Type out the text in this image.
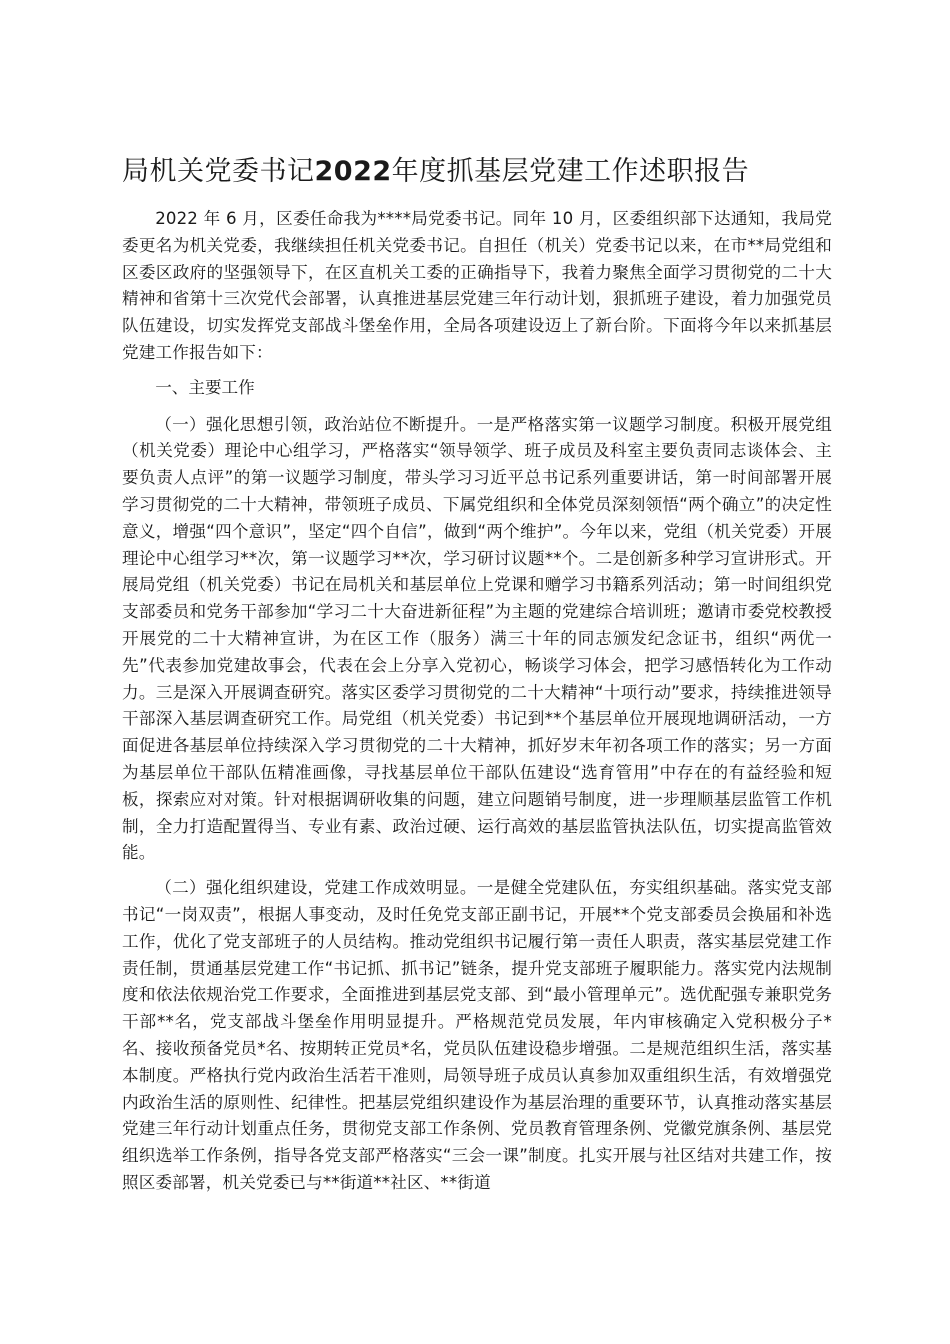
局机关党委书记2022年度抓基层党建工作述职报告

2022 年 6 月，区委任命我为****局党委书记。同年 10 月，区委组织部下达通知，我局党委更名为机关党委，我继续担任机关党委书记。自担任（机关）党委书记以来，在市**局党组和区委区政府的坚强领导下，在区直机关工委的正确指导下，我着力聚焦全面学习贯彻党的二十大精神和省第十三次党代会部署，认真推进基层党建三年行动计划，狠抓班子建设，着力加强党员队伍建设，切实发挥党支部战斗堡垒作用，全局各项建设迈上了新台阶。下面将今年以来抓基层党建工作报告如下：

一、主要工作

（一）强化思想引领，政治站位不断提升。一是严格落实第一议题学习制度。积极开展党组（机关党委）理论中心组学习，严格落实“领导领学、班子成员及科室主要负责同志谈体会、主要负责人点评”的第一议题学习制度，带头学习习近平总书记系列重要讲话，第一时间部署开展学习贯彻党的二十大精神，带领班子成员、下属党组织和全体党员深刻领悟“两个确立”的决定性意义，增强“四个意识”，坚定“四个自信”，做到“两个维护”。今年以来，党组（机关党委）开展理论中心组学习**次，第一议题学习**次，学习研讨议题**个。二是创新多种学习宣讲形式。开展局党组（机关党委）书记在局机关和基层单位上党课和赠学习书籍系列活动；第一时间组织党支部委员和党务干部参加“学习二十大奋进新征程”为主题的党建综合培训班；邀请市委党校教授开展党的二十大精神宣讲，为在区工作（服务）满三十年的同志颁发纪念证书，组织“两优一先”代表参加党建故事会，代表在会上分享入党初心，畅谈学习体会，把学习感悟转化为工作动力。三是深入开展调查研究。落实区委学习贯彻党的二十大精神“十项行动”要求，持续推进领导干部深入基层调查研究工作。局党组（机关党委）书记到**个基层单位开展现地调研活动，一方面促进各基层单位持续深入学习贯彻党的二十大精神，抓好岁末年初各项工作的落实；另一方面为基层单位干部队伍精准画像，寻找基层单位干部队伍建设“选育管用”中存在的有益经验和短板，探索应对对策。针对根据调研收集的问题，建立问题销号制度，进一步理顺基层监管工作机制，全力打造配置得当、专业有素、政治过硬、运行高效的基层监管执法队伍，切实提高监管效能。

（二）强化组织建设，党建工作成效明显。一是健全党建队伍，夯实组织基础。落实党支部书记“一岗双责”，根据人事变动，及时任免党支部正副书记，开展**个党支部委员会换届和补选工作，优化了党支部班子的人员结构。推动党组织书记履行第一责任人职责，落实基层党建工作责任制，贯通基层党建工作“书记抓、抓书记”链条，提升党支部班子履职能力。落实党内法规制度和依法依规治党工作要求，全面推进到基层党支部、到“最小管理单元”。选优配强专兼职党务干部**名，党支部战斗堡垒作用明显提升。严格规范党员发展，年内审核确定入党积极分子*名、接收预备党员*名、按期转正党员*名，党员队伍建设稳步增强。二是规范组织生活，落实基本制度。严格执行党内政治生活若干准则，局领导班子成员认真参加双重组织生活，有效增强党内政治生活的原则性、纪律性。把基层党组织建设作为基层治理的重要环节，认真推动落实基层党建三年行动计划重点任务，贯彻党支部工作条例、党员教育管理条例、党徽党旗条例、基层党组织选举工作条例，指导各党支部严格落实“三会一课”制度。扎实开展与社区结对共建工作，按照区委部署，机关党委已与**街道**社区、**街道
